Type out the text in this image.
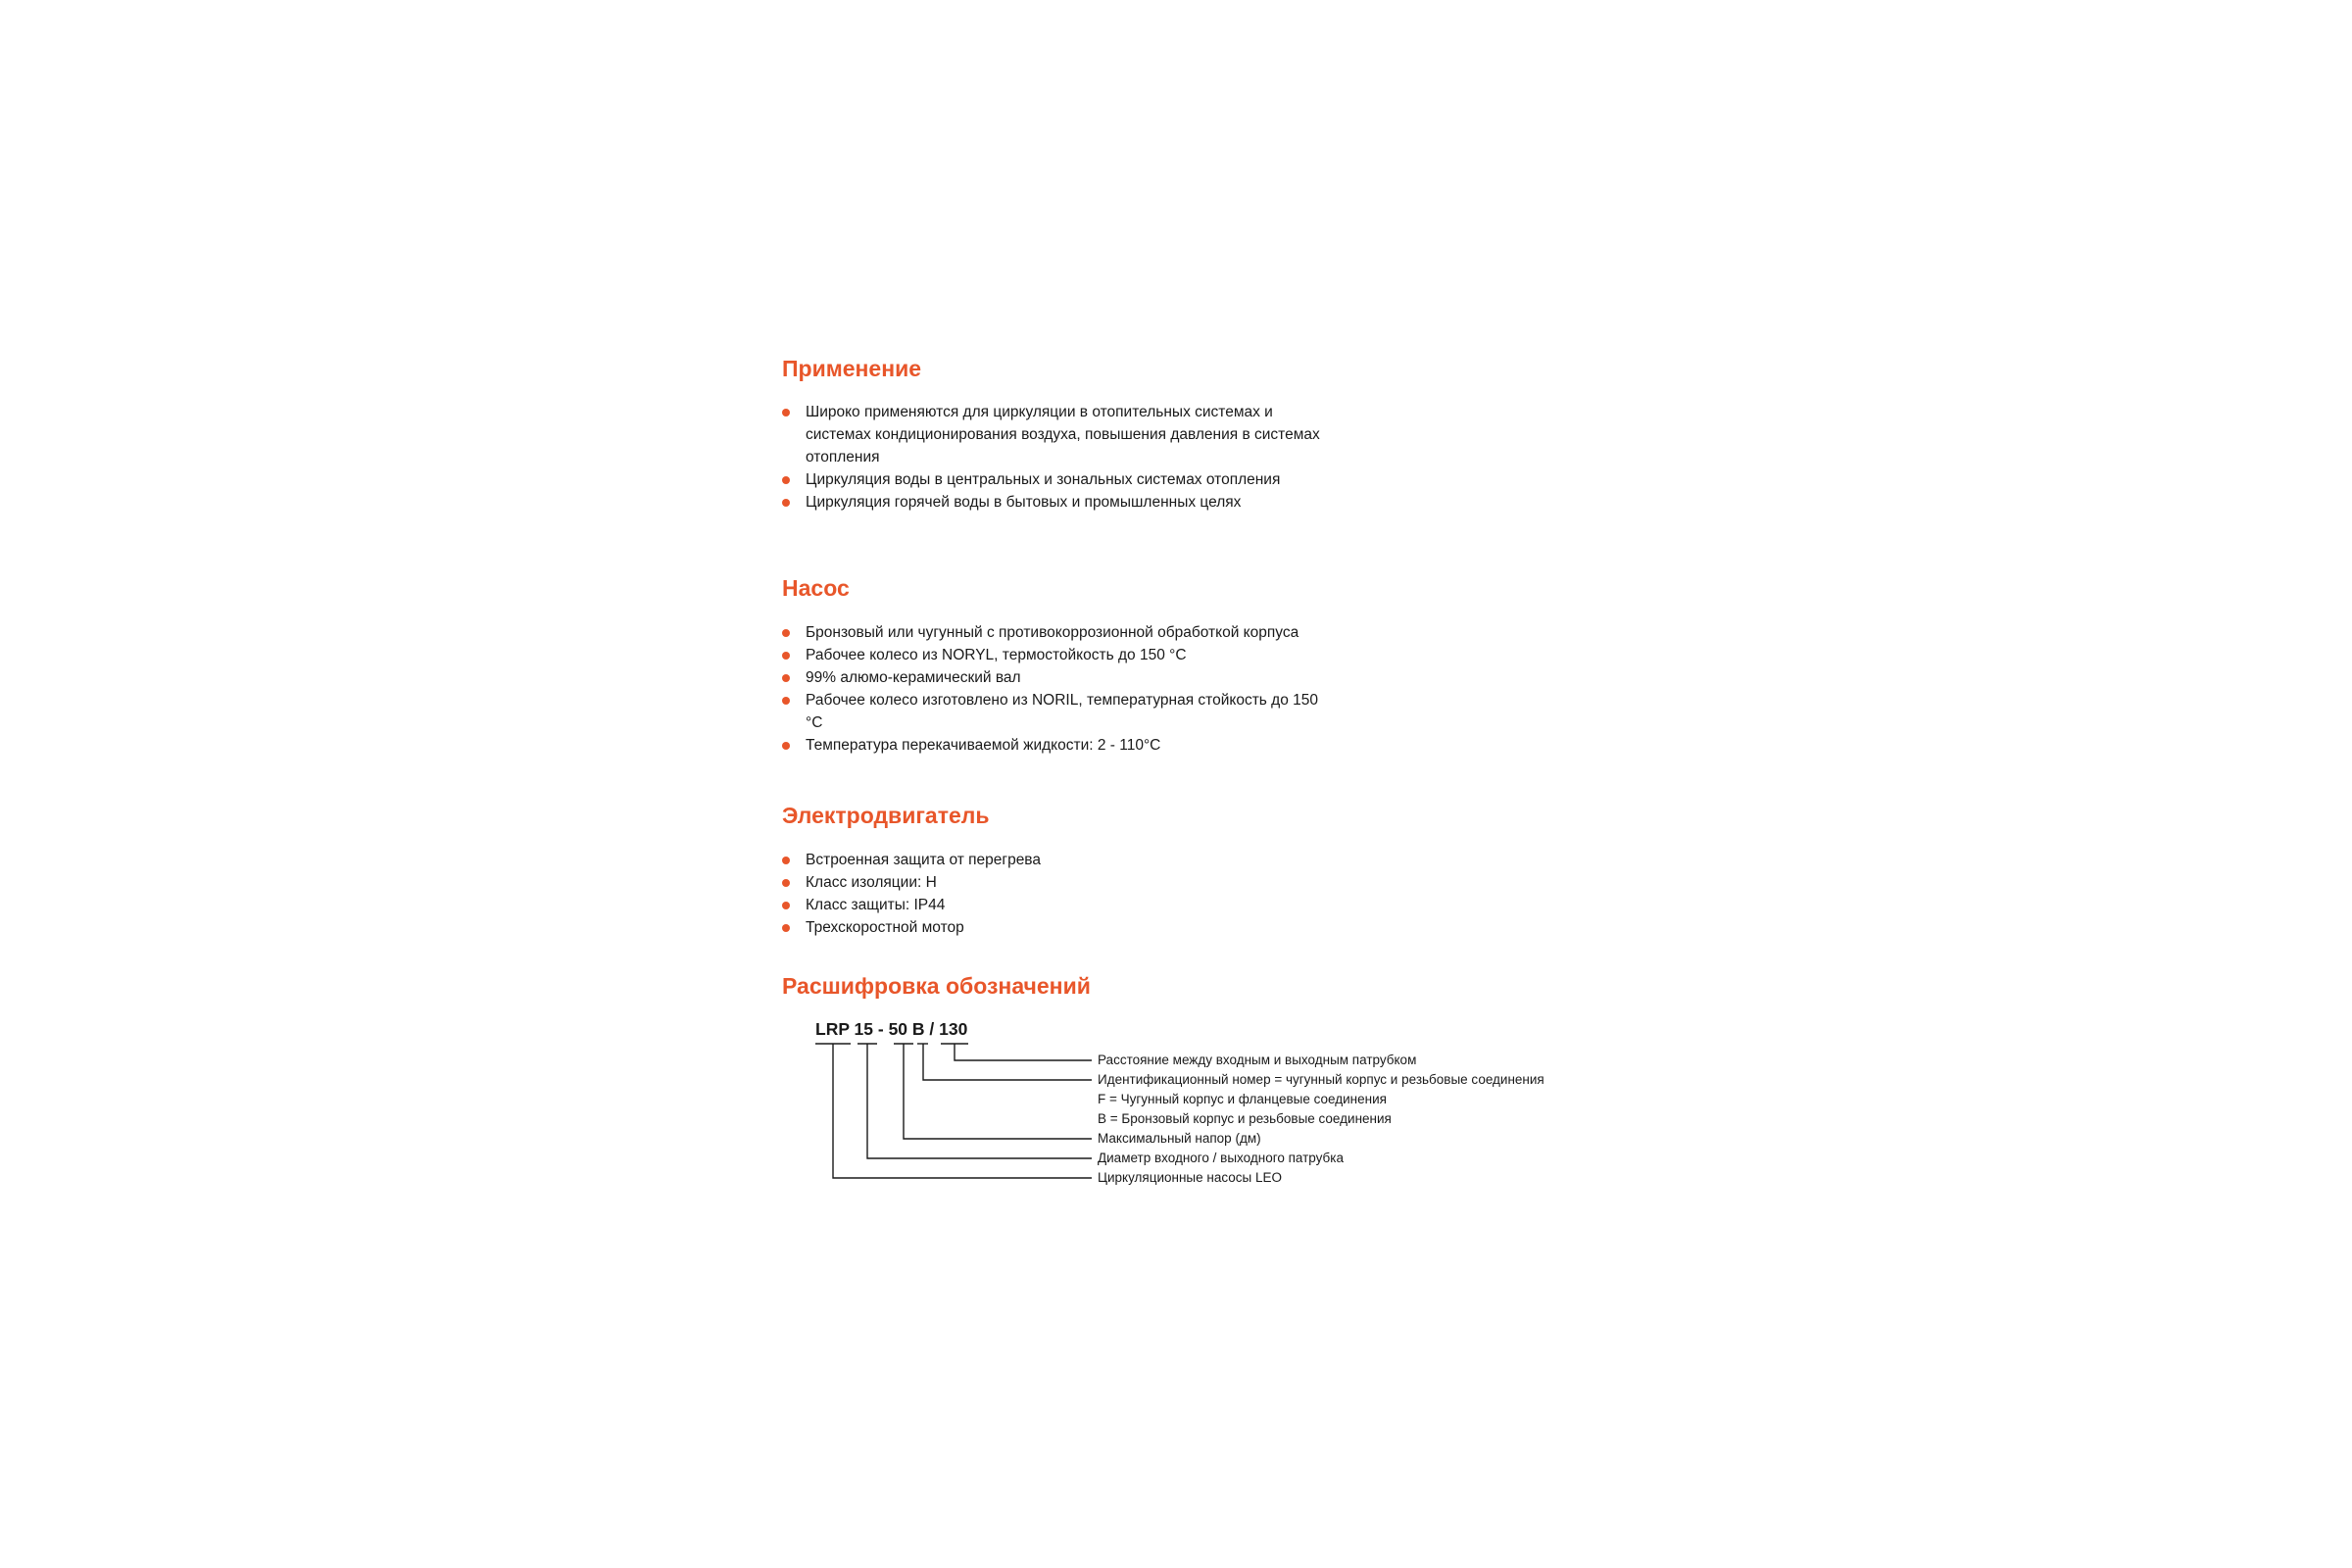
Применение
Широко применяются для циркуляции в отопительных системах и системах кондиционирования воздуха, повышения давления в системах отопления
Циркуляция воды в центральных и зональных системах отопления
Циркуляция горячей воды в бытовых и промышленных целях
Насос
Бронзовый или чугунный с противокоррозионной обработкой корпуса
Рабочее колесо из NORYL, термостойкость до 150 °С
99% алюмо-керамический вал
Рабочее колесо изготовлено из NORIL, температурная стойкость до 150 °С
Температура перекачиваемой жидкости: 2 - 110°С
Электродвигатель
Встроенная защита от перегрева
Класс изоляции: H
Класс защиты: IP44
Трехскоростной мотор
Расшифровка обозначений
LRP 15 - 50 B / 130
Расстояние между входным и выходным патрубком
Идентификационный номер = чугунный корпус и резьбовые соединения
F = Чугунный корпус и фланцевые соединения
B = Бронзовый корпус и резьбовые соединения
Максимальный напор (дм)
Диаметр входного / выходного патрубка
Циркуляционные насосы LEO
